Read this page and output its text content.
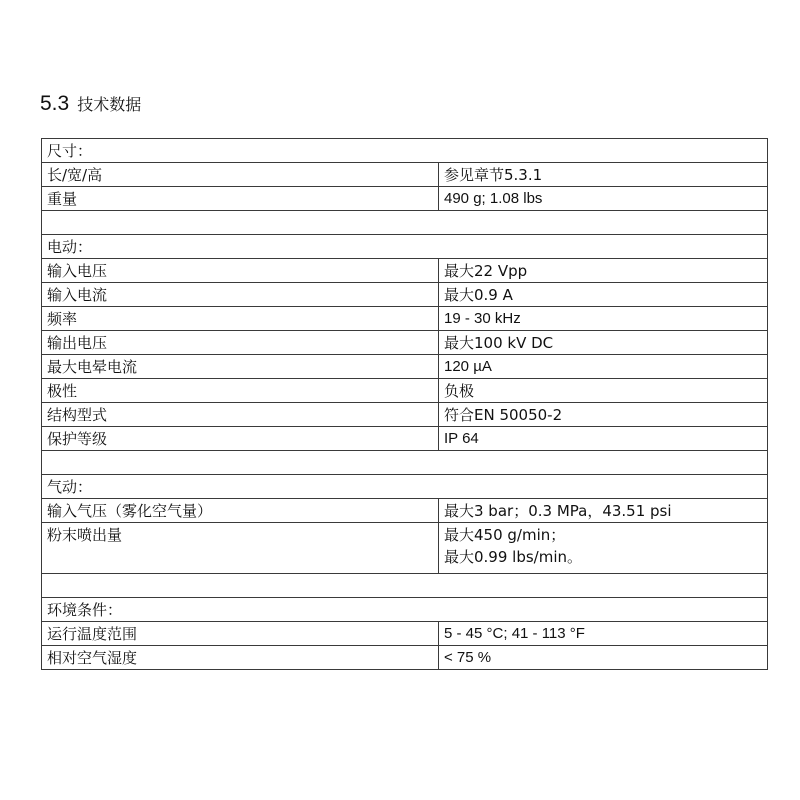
5.3 技术数据
尺寸：	
长/宽/高	参见章节5.3.1
重量	490 g; 1.08 lbs

电动：	
输入电压	最大22 Vpp
输入电流	最大0.9 A
频率	19 - 30 kHz
输出电压	最大100 kV DC
最大电晕电流	120 µA
极性	负极
结构型式	符合EN 50050-2
保护等级	IP 64

气动：	
输入气压（雾化空气量）	最大3 bar；0.3 MPa，43.51 psi
粉末喷出量	最大450 g/min；
最大0.99 lbs/min。

环境条件：	
运行温度范围	5 - 45 °C; 41 - 113 °F
相对空气湿度	< 75 %
